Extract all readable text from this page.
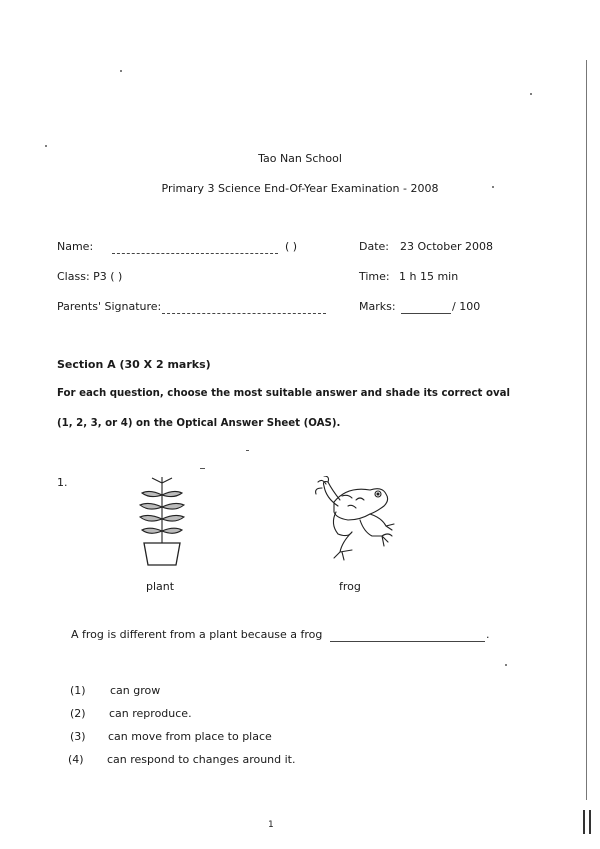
Tao Nan School
Primary 3 Science End-Of-Year Examination - 2008
Name:	( )	Date: 23 October 2008
Class: P3 ( )	Time: 1 h 15 min
Parents' Signature:	Marks:	/ 100
Section A (30 X 2 marks)
For each question, choose the most suitable answer and shade its correct oval
(1, 2, 3, or 4) on the Optical Answer Sheet (OAS).
1.
plant	frog
A frog is different from a plant because a frog	.
(1) can grow
(2) can reproduce.
(3) can move from place to place
(4) can respond to changes around it.
1
